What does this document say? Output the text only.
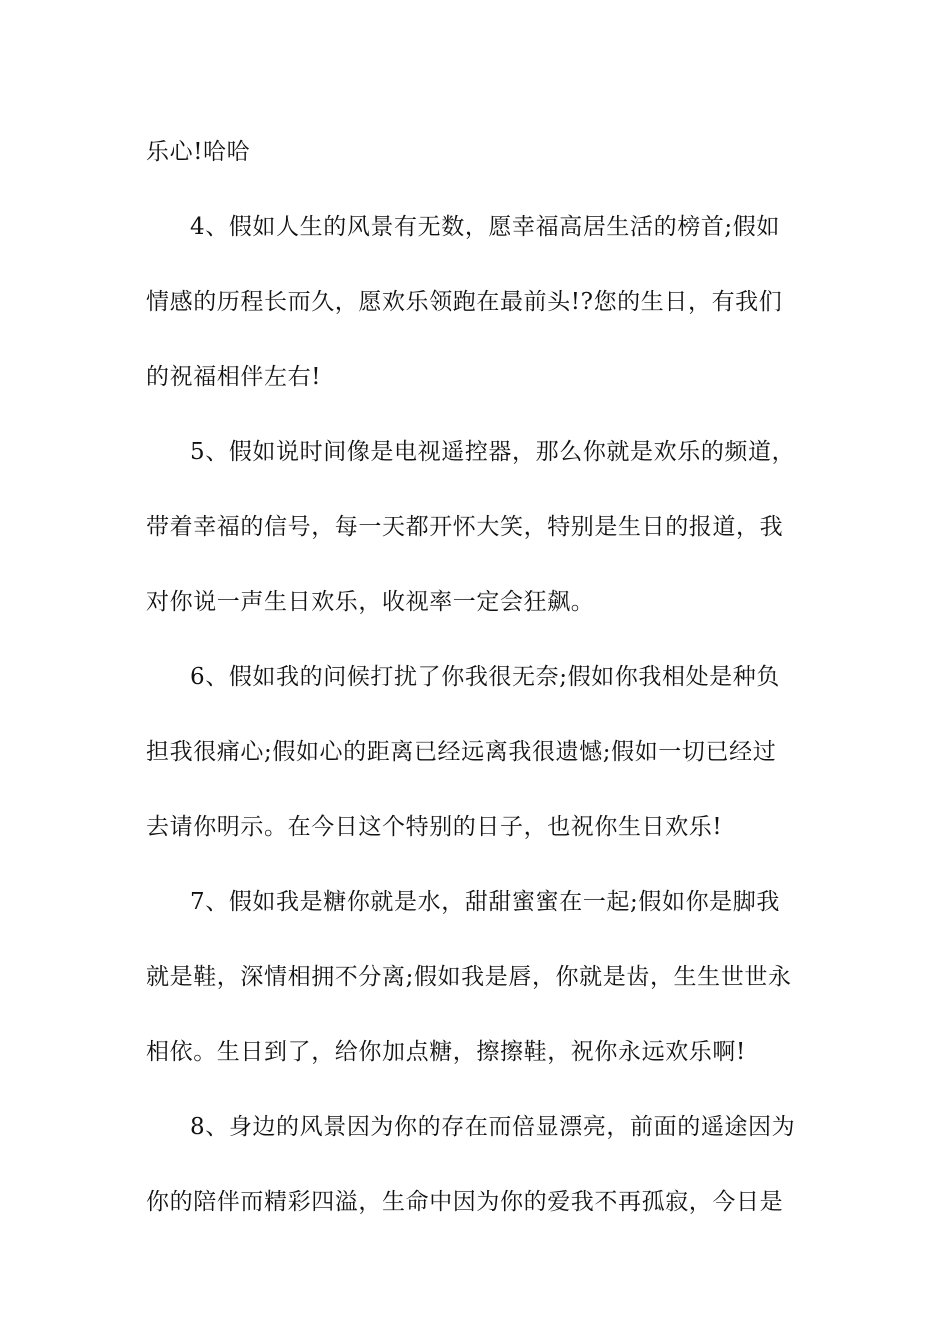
乐心!哈哈
4、假如人生的风景有无数，愿幸福高居生活的榜首;假如
情感的历程长而久，愿欢乐领跑在最前头!?您的生日，有我们
的祝福相伴左右!
5、假如说时间像是电视遥控器，那么你就是欢乐的频道，
带着幸福的信号，每一天都开怀大笑，特别是生日的报道，我
对你说一声生日欢乐，收视率一定会狂飙。
6、假如我的问候打扰了你我很无奈;假如你我相处是种负
担我很痛心;假如心的距离已经远离我很遗憾;假如一切已经过
去请你明示。在今日这个特别的日子，也祝你生日欢乐!
7、假如我是糖你就是水，甜甜蜜蜜在一起;假如你是脚我
就是鞋，深情相拥不分离;假如我是唇，你就是齿，生生世世永
相依。生日到了，给你加点糖，擦擦鞋，祝你永远欢乐啊!
8、身边的风景因为你的存在而倍显漂亮，前面的遥途因为
你的陪伴而精彩四溢，生命中因为你的爱我不再孤寂，今日是
